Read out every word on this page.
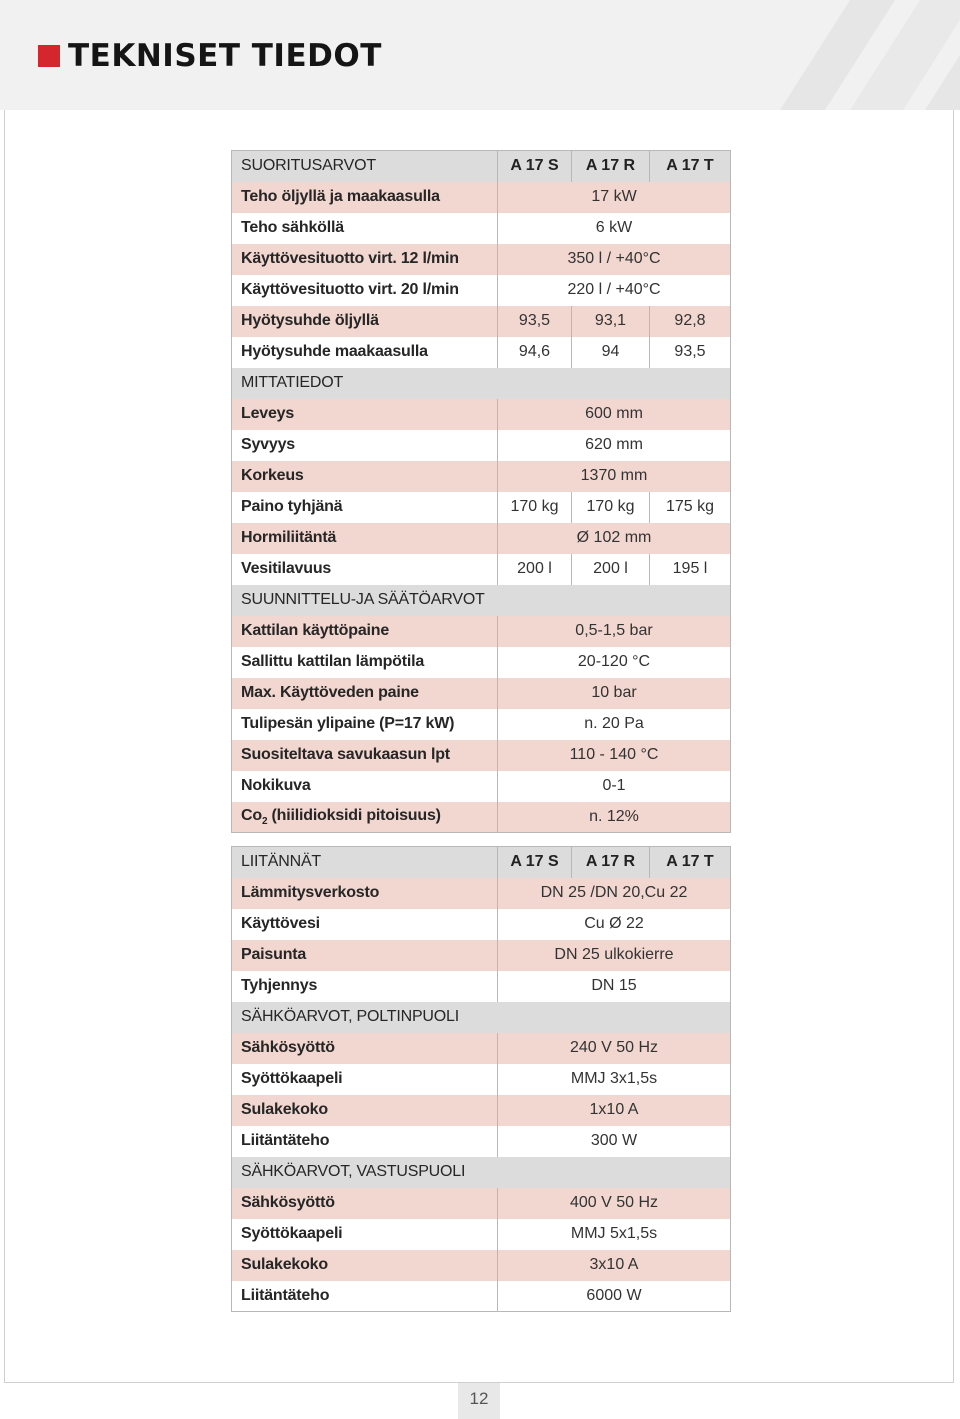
TEKNISET TIEDOT
SUORITUSARVOT	A 17 S	A 17 R	A 17 T
Teho öljyllä ja maakaasulla	17 kW		
Teho sähköllä	6 kW		
Käyttövesituotto virt. 12 l/min	350 l / +40°C		
Käyttövesituotto virt. 20 l/min	220 l / +40°C		
Hyötysuhde öljyllä	93,5	93,1	92,8
Hyötysuhde maakaasulla	94,6	94	93,5
MITTATIEDOT			
Leveys	600 mm		
Syvyys	620 mm		
Korkeus	1370 mm		
Paino tyhjänä	170 kg	170 kg	175 kg
Hormiliitäntä	Ø 102 mm		
Vesitilavuus	200 l	200 l	195 l
SUUNNITTELU-JA SÄÄTÖARVOT			
Kattilan käyttöpaine	0,5-1,5 bar		
Sallittu kattilan lämpötila	20-120 °C		
Max. Käyttöveden paine	10 bar		
Tulipesän ylipaine (P=17 kW)	n. 20 Pa		
Suositeltava savukaasun lpt	110 - 140 °C		
Nokikuva	0-1		
$Co_2$ (hiilidioksidi pitoisuus)	n. 12%		
LIITÄNNÄT	A 17 S	A 17 R	A 17 T
Lämmitysverkosto	DN 25 /DN 20,Cu 22		
Käyttövesi	Cu Ø 22		
Paisunta	DN 25 ulkokierre		
Tyhjennys	DN 15		
SÄHKÖARVOT, POLTINPUOLI			
Sähkösyöttö	240 V 50 Hz		
Syöttökaapeli	MMJ 3x1,5s		
Sulakekoko	1x10 A		
Liitäntäteho	300 W		
SÄHKÖARVOT, VASTUSPUOLI			
Sähkösyöttö	400 V 50 Hz		
Syöttökaapeli	MMJ 5x1,5s		
Sulakekoko	3x10 A		
Liitäntäteho	6000 W		
12
